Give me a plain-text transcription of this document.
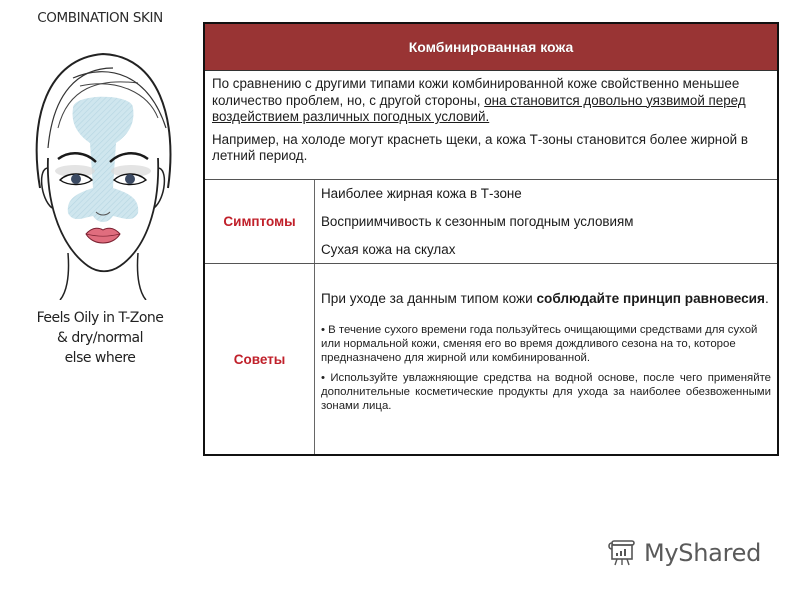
COMBINATION SKIN
Feels Oily in T-Zone
& dry/normal
else where
Комбинированная кожа

По сравнению с другими типами кожи комбинированной коже свойственно меньшее количество проблем, но, с другой стороны, она становится довольно уязвимой перед воздействием различных погодных условий.

Например, на холоде могут краснеть щеки, а кожа Т-зоны становится более жирной в летний период.

Симптомы
Наиболее жирная кожа в Т-зоне
Восприимчивость к сезонным погодным условиям
Сухая кожа на скулах
Советы
При уходе за данным типом кожи соблюдайте принцип равновесия.
• В течение сухого времени года пользуйтесь очищающими средствами для сухой или нормальной кожи, сменяя его во время дождливого сезона на то, которое предназначено для жирной или комбинированной.
• Используйте увлажняющие средства на водной основе, после чего применяйте дополнительные косметические продукты для ухода за наиболее обезвоженными зонами лица.
MyShared
